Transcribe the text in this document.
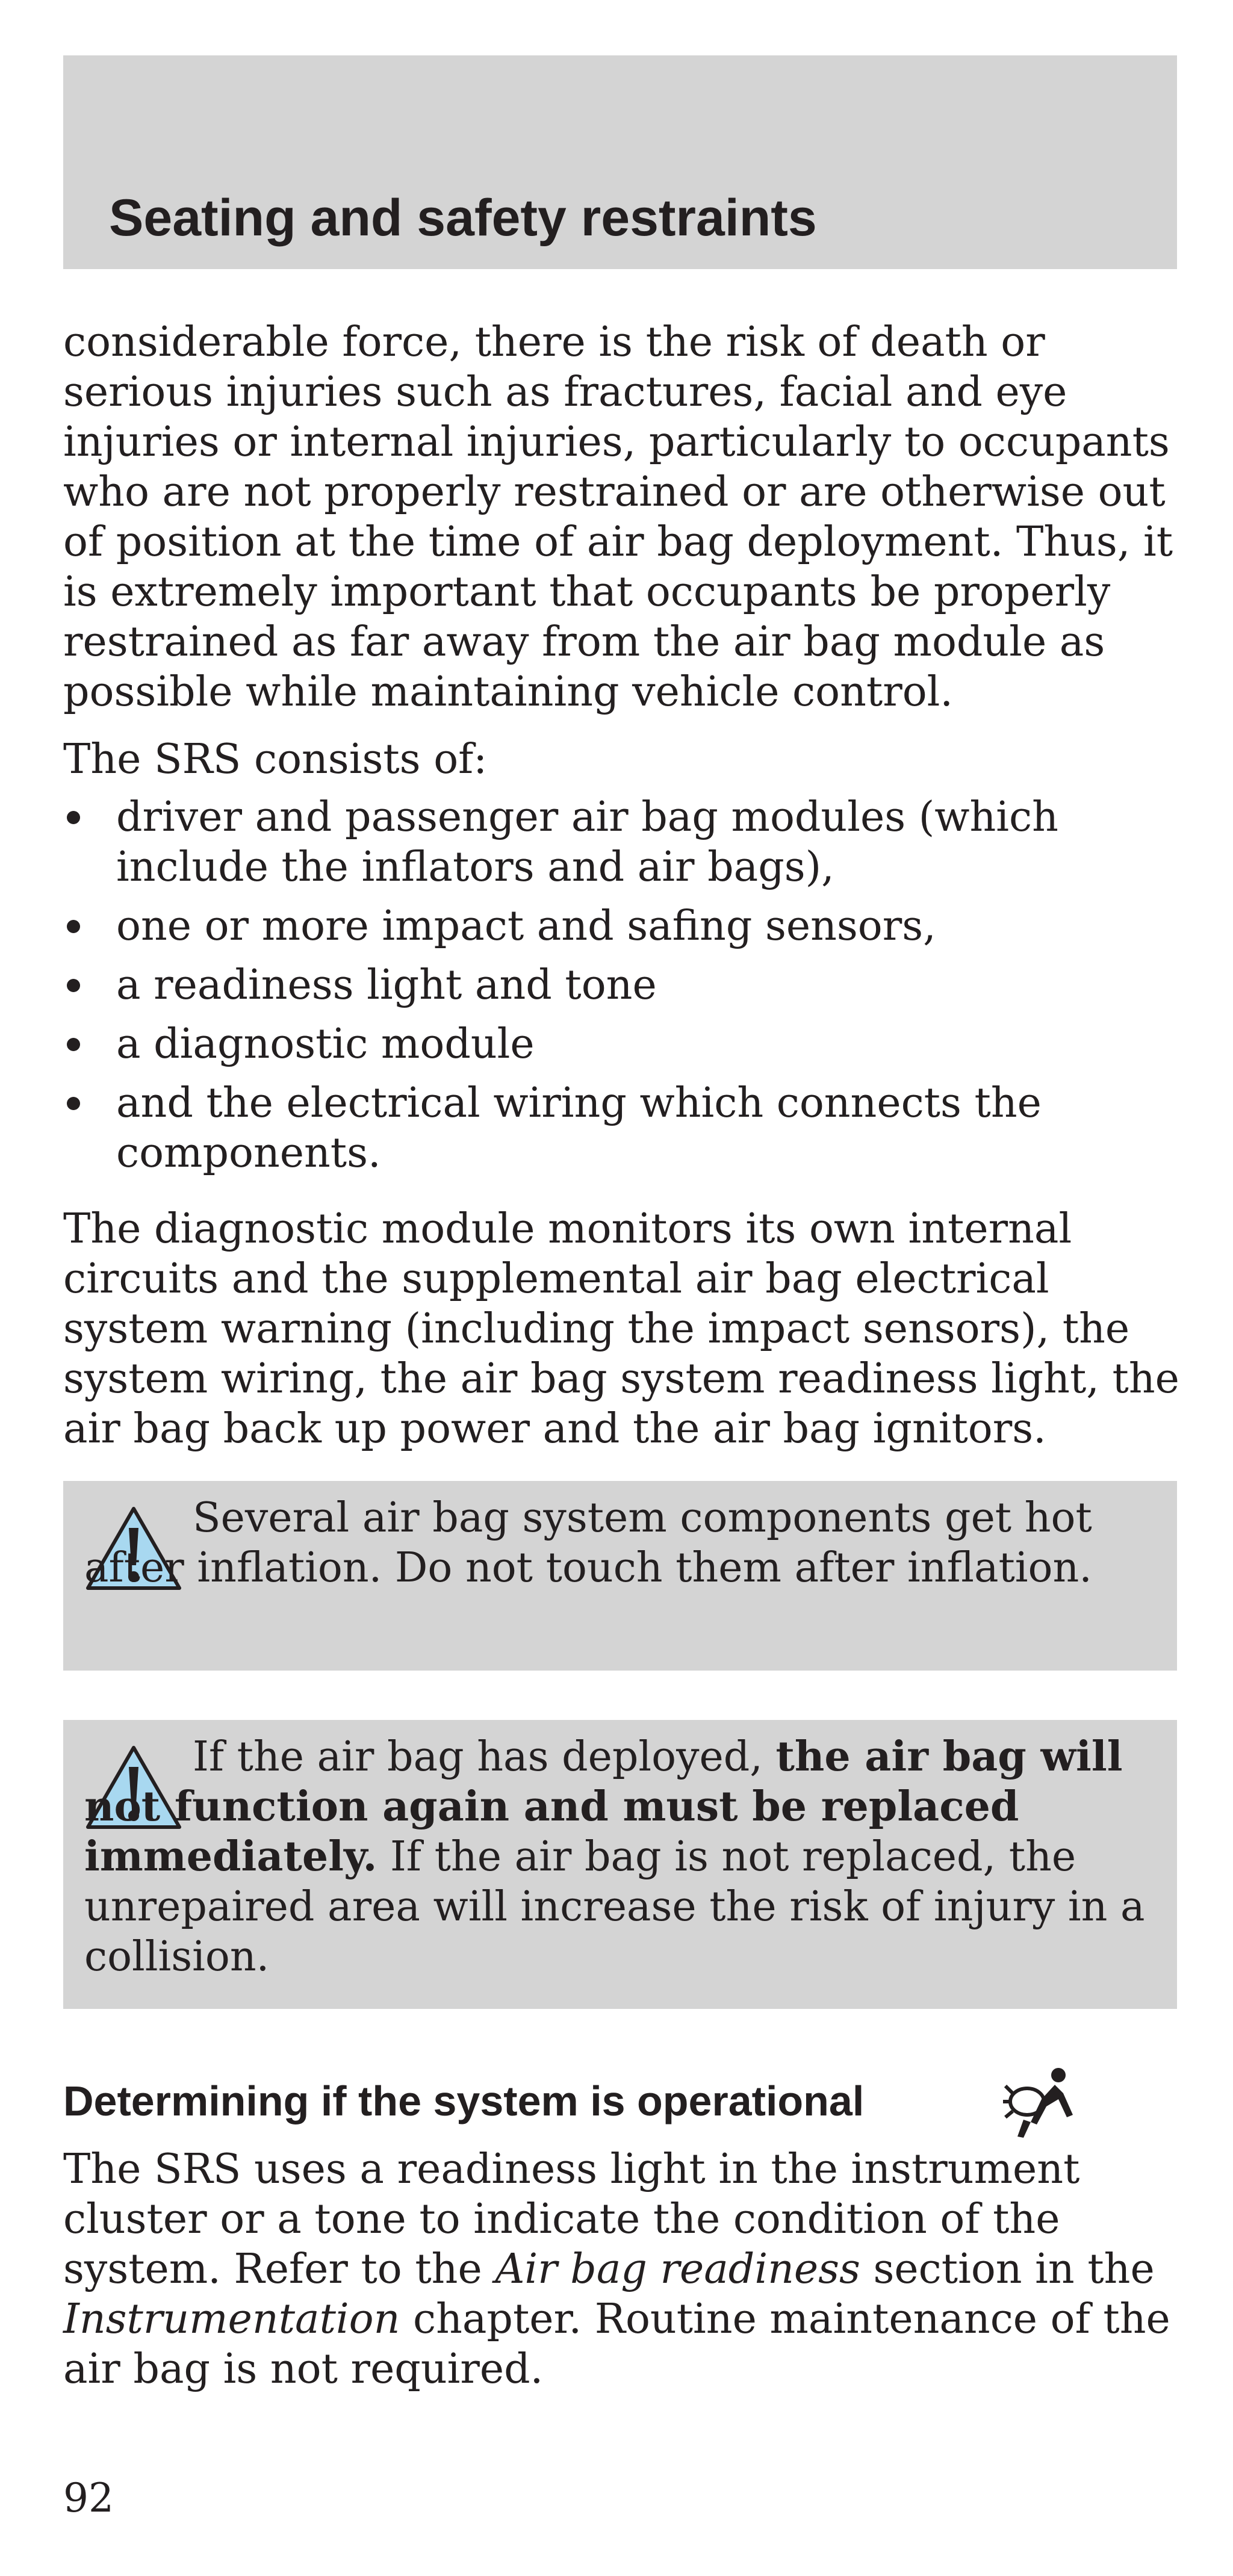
Seating and safety restraints

considerable force, there is the risk of death or serious injuries such as fractures, facial and eye injuries or internal injuries, particularly to occupants who are not properly restrained or are otherwise out of position at the time of air bag deployment. Thus, it is extremely important that occupants be properly restrained as far away from the air bag module as possible while maintaining vehicle control.

The SRS consists of:

driver and passenger air bag modules (which include the inflators and air bags),
one or more impact and safing sensors,
a readiness light and tone
a diagnostic module
and the electrical wiring which connects the components.

The diagnostic module monitors its own internal circuits and the supplemental air bag electrical system warning (including the impact sensors), the system wiring, the air bag system readiness light, the air bag back up power and the air bag ignitors.

Several air bag system components get hot after inflation. Do not touch them after inflation.

If the air bag has deployed, the air bag will not function again and must be replaced immediately. If the air bag is not replaced, the unrepaired area will increase the risk of injury in a collision.

Determining if the system is operational

The SRS uses a readiness light in the instrument cluster or a tone to indicate the condition of the system. Refer to the Air bag readiness section in the Instrumentation chapter. Routine maintenance of the air bag is not required.

92
